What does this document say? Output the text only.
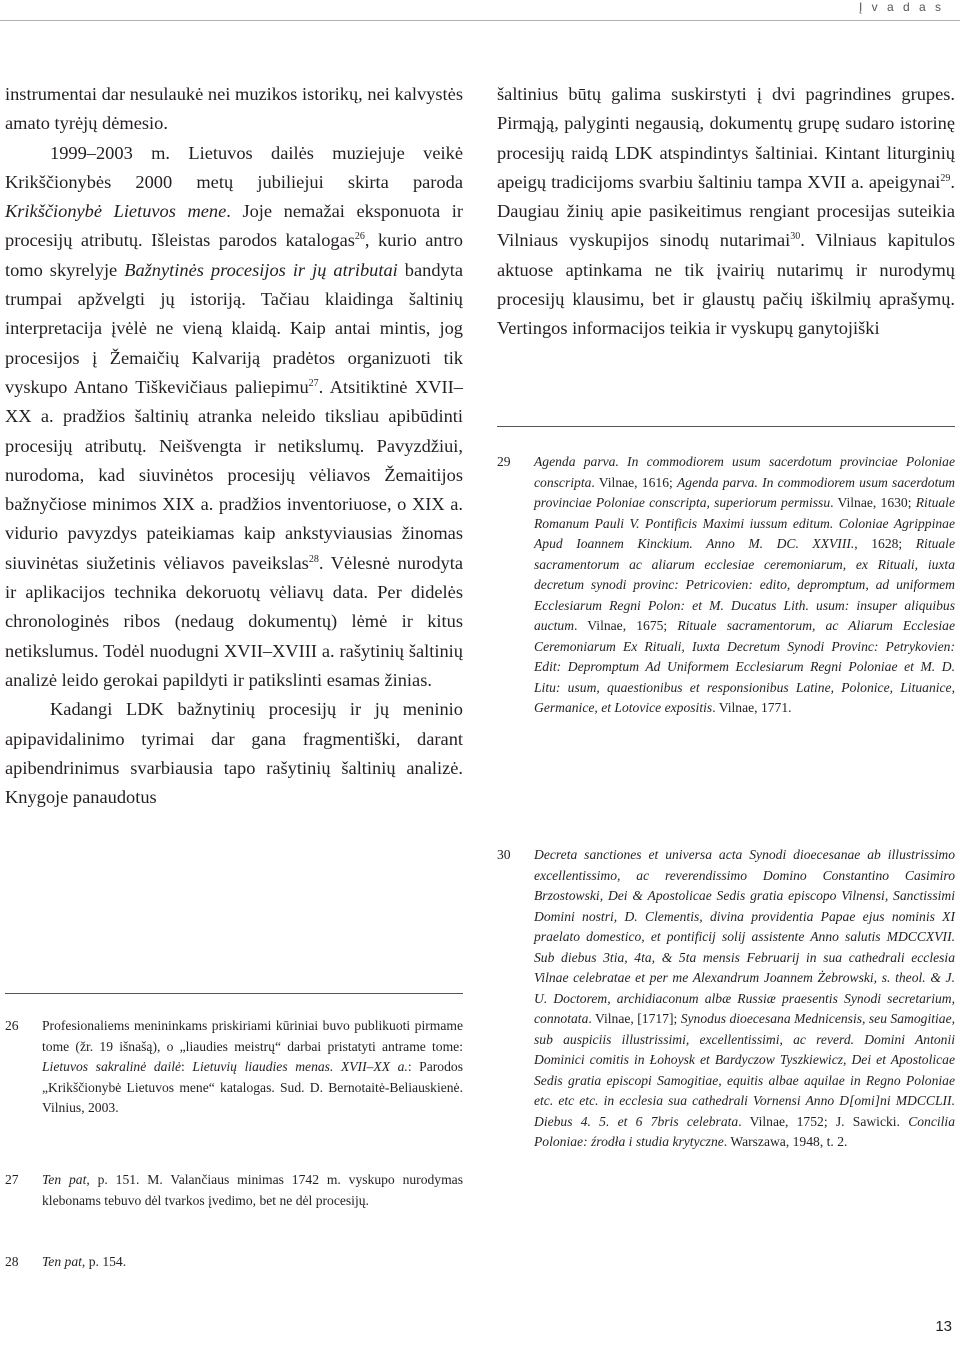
Į v a d a s

instrumentai dar nesulaukė nei muzikos istorikų, nei kalvystės amato tyrėjų dėmesio.

1999–2003 m. Lietuvos dailės muziejuje veikė Krikščionybės 2000 metų jubiliejui skirta paroda Krikščionybė Lietuvos mene. Joje nemažai eksponuota ir procesijų atributų. Išleistas parodos katalogas$^{26}$, kurio antro tomo skyrelyje Bažnytinės procesijos ir jų atributai bandyta trumpai apžvelgti jų istoriją. Tačiau klaidinga šaltinių interpretacija įvėlė ne vieną klaidą. Kaip antai mintis, jog procesijos į Žemaičių Kalvariją pradėtos organizuoti tik vyskupo Antano Tiškevičiaus paliepimu$^{27}$. Atsitiktinė XVII–XX a. pradžios šaltinių atranka neleido tiksliau apibūdinti procesijų atributų. Neišvengta ir netikslumų. Pavyzdžiui, nurodoma, kad siuvinėtos procesijų vėliavos Žemaitijos bažnyčiose minimos XIX a. pradžios inventoriuose, o XIX a. vidurio pavyzdys pateikiamas kaip ankstyviausias žinomas siuvinėtas siužetinis vėliavos paveikslas$^{28}$. Vėlesnė nurodyta ir aplikacijos technika dekoruotų vėliavų data. Per didelės chronologinės ribos (nedaug dokumentų) lėmė ir kitus netikslumus. Todėl nuodugni XVII–XVIII a. rašytinių šaltinių analizė leido gerokai papildyti ir patikslinti esamas žinias.

Kadangi LDK bažnytinių procesijų ir jų meninio apipavidalinimo tyrimai dar gana fragmentiški, darant apibendrinimus svarbiausia tapo rašytinių šaltinių analizė. Knygoje panaudotus

šaltinius būtų galima suskirstyti į dvi pagrindines grupes. Pirmąją, palyginti negausią, dokumentų grupę sudaro istorinę procesijų raidą LDK atspindintys šaltiniai. Kintant liturginių apeigų tradicijoms svarbiu šaltiniu tampa XVII a. apeigynai$^{29}$. Daugiau žinių apie pasikeitimus rengiant procesijas suteikia Vilniaus vyskupijos sinodų nutarimai$^{30}$. Vilniaus kapitulos aktuose aptinkama ne tik įvairių nutarimų ir nurodymų procesijų klausimu, bet ir glaustų pačių iškilmių aprašymų. Vertingos informacijos teikia ir vyskupų ganytojiški

26	Profesionaliems menininkams priskiriami kūriniai buvo publikuoti pirmame tome (žr. 19 išnašą), o „liaudies meistrų“ darbai pristatyti antrame tome: Lietuvos sakralinė dailė: Lietuvių liaudies menas. XVII–XX a.: Parodos „Krikščionybė Lietuvos mene“ katalogas. Sud. D. Bernotaitė-Beliauskienė. Vilnius, 2003.
27	Ten pat, p. 151. M. Valančiaus minimas 1742 m. vyskupo nurodymas klebonams tebuvo dėl tvarkos įvedimo, bet ne dėl procesijų.
28	Ten pat, p. 154.
29	Agenda parva. In commodiorem usum sacerdotum provinciae Poloniae conscripta. Vilnae, 1616; Agenda parva. In commodiorem usum sacerdotum provinciae Poloniae conscripta, superiorum permissu. Vilnae, 1630; Rituale Romanum Pauli V. Pontificis Maximi iussum editum. Coloniae Agrippinae Apud Ioannem Kinckium. Anno M. DC. XXVIII., 1628; Rituale sacramentorum ac aliarum ecclesiae ceremoniarum, ex Rituali, iuxta decretum synodi provinc: Petricovien: edito, depromptum, ad uniformem Ecclesiarum Regni Polon: et M. Ducatus Lith. usum: insuper aliquibus auctum. Vilnae, 1675; Rituale sacramentorum, ac Aliarum Ecclesiae Ceremoniarum Ex Rituali, Iuxta Decretum Synodi Provinc: Petrykovien: Edit: Depromptum Ad Uniformem Ecclesiarum Regni Poloniae et M. D. Litu: usum, quaestionibus et responsionibus Latine, Polonice, Lituanice, Germanice, et Lotovice expositis. Vilnae, 1771.
30	Decreta sanctiones et universa acta Synodi dioecesanae ab illustrissimo excellentissimo, ac reverendissimo Domino Constantino Casimiro Brzostowski, Dei & Apostolicae Sedis gratia episcopo Vilnensi, Sanctissimi Domini nostri, D. Clementis, divina providentia Papae ejus nominis XI praelato domestico, et pontificij solij assistente Anno salutis MDCCXVII. Sub diebus 3tia, 4ta, & 5ta mensis Februarij in sua cathedrali ecclesia Vilnae celebratae et per me Alexandrum Joannem Żebrowski, s. theol. & J. U. Doctorem, archidiaconum albæ Russiæ praesentis Synodi secretarium, connotata. Vilnae, [1717]; Synodus dioecesana Mednicensis, seu Samogitiae, sub auspiciis illustrissimi, excellentissimi, ac reverd. Domini Antonii Dominici comitis in Łohoysk et Bardyczow Tyszkiewicz, Dei et Apostolicae Sedis gratia episcopi Samogitiae, equitis albae aquilae in Regno Poloniae etc. etc etc. in ecclesia sua cathedrali Vornensi Anno D[omi]ni MDCCLII. Diebus 4. 5. et 6 7bris celebrata. Vilnae, 1752; J. Sawicki. Concilia Poloniae: źrodła i studia krytyczne. Warszawa, 1948, t. 2.
13
